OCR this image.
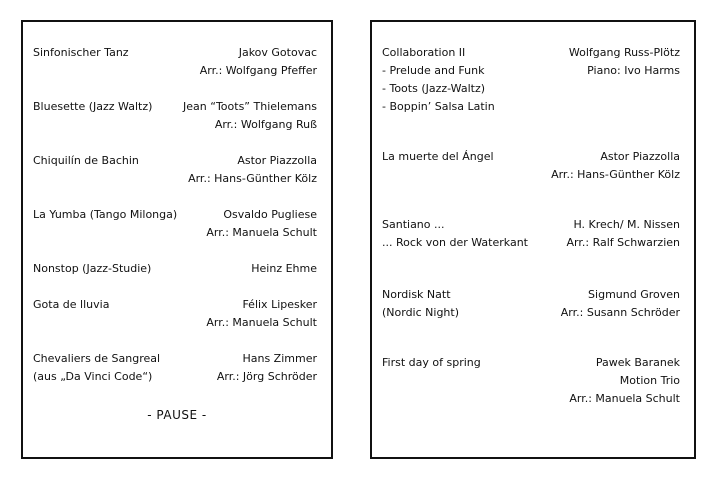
Sinfonischer Tanz	Jakov Gotovac
Arr.: Wolfgang Pfeffer
Bluesette (Jazz Waltz)	Jean “Toots” Thielemans
Arr.: Wolfgang Ruß
Chiquilín de Bachin	Astor Piazzolla
Arr.: Hans-Günther Kölz
La Yumba (Tango Milonga)	Osvaldo Pugliese
Arr.: Manuela Schult
Nonstop (Jazz-Studie)	Heinz Ehme
Gota de lluvia	Félix Lipesker
Arr.: Manuela Schult
Chevaliers de Sangreal	Hans Zimmer
(aus „Da Vinci Code“)	Arr.: Jörg Schröder
- PAUSE -
Collaboration II	Wolfgang Russ-Plötz
- Prelude and Funk	Piano: Ivo Harms
- Toots (Jazz-Waltz)
- Boppin’ Salsa Latin
La muerte del Ángel	Astor Piazzolla
Arr.: Hans-Günther Kölz
Santiano ...	H. Krech/ M. Nissen
... Rock von der Waterkant	Arr.: Ralf Schwarzien
Nordisk Natt	Sigmund Groven
(Nordic Night)	Arr.: Susann Schröder
First day of spring	Pawek Baranek
Motion Trio
Arr.: Manuela Schult
